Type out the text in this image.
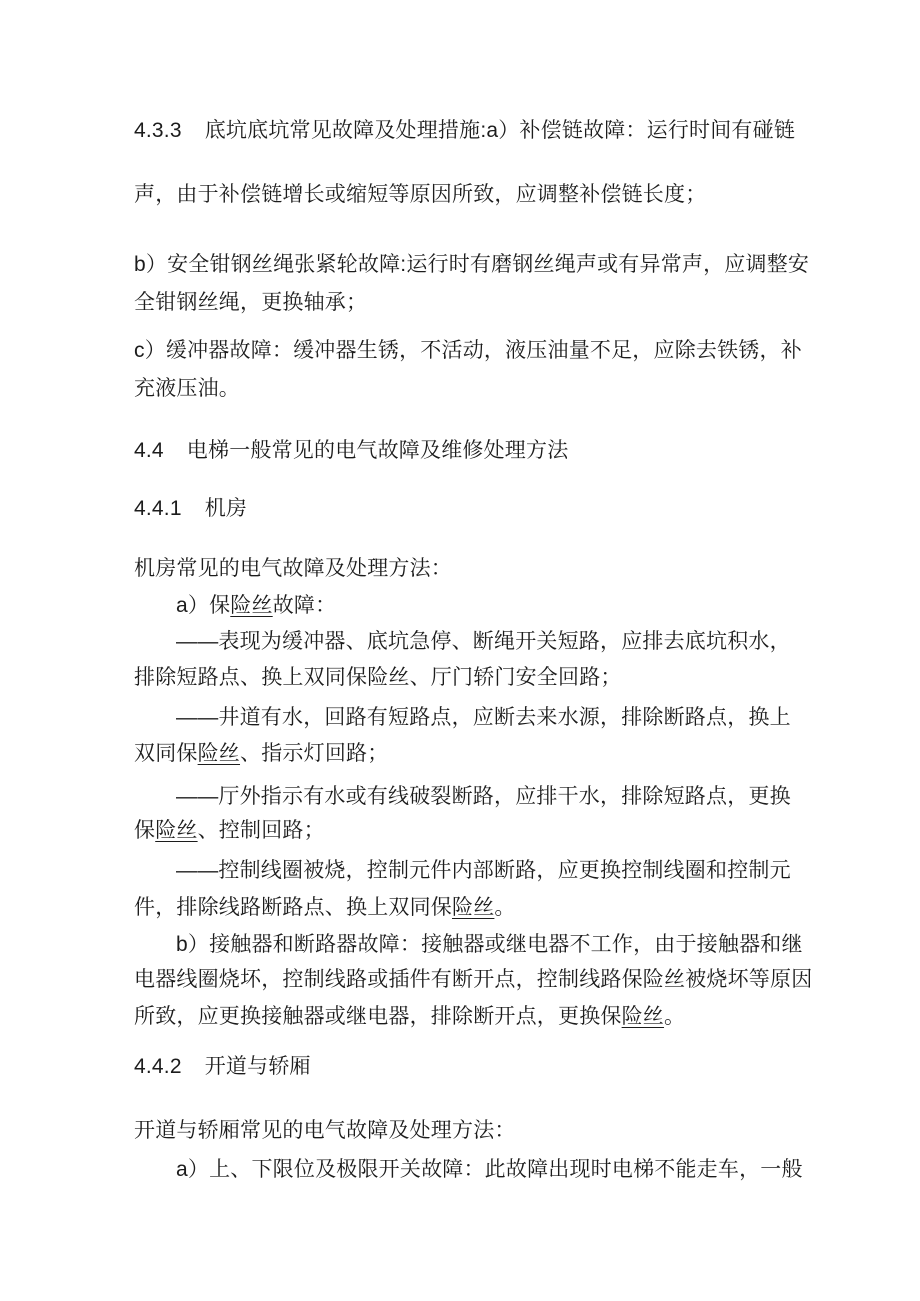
4.3.3 底坑底坑常见故障及处理措施:a）补偿链故障：运行时间有碰链
声，由于补偿链增长或缩短等原因所致，应调整补偿链长度；
b）安全钳钢丝绳张紧轮故障:运行时有磨钢丝绳声或有异常声，应调整安
全钳钢丝绳，更换轴承；
c）缓冲器故障：缓冲器生锈，不活动，液压油量不足，应除去铁锈，补
充液压油。
4.4 电梯一般常见的电气故障及维修处理方法
4.4.1 机房
机房常见的电气故障及处理方法：
a）保险丝故障：
——表现为缓冲器、底坑急停、断绳开关短路，应排去底坑积水，
排除短路点、换上双同保险丝、厅门轿门安全回路；
——井道有水，回路有短路点，应断去来水源，排除断路点，换上
双同保险丝、指示灯回路；
——厅外指示有水或有线破裂断路，应排干水，排除短路点，更换
保险丝、控制回路；
——控制线圈被烧，控制元件内部断路，应更换控制线圈和控制元
件，排除线路断路点、换上双同保险丝。
b）接触器和断路器故障：接触器或继电器不工作，由于接触器和继
电器线圈烧坏，控制线路或插件有断开点，控制线路保险丝被烧坏等原因
所致，应更换接触器或继电器，排除断开点，更换保险丝。
4.4.2 开道与轿厢
开道与轿厢常见的电气故障及处理方法：
a）上、下限位及极限开关故障：此故障出现时电梯不能走车，一般
